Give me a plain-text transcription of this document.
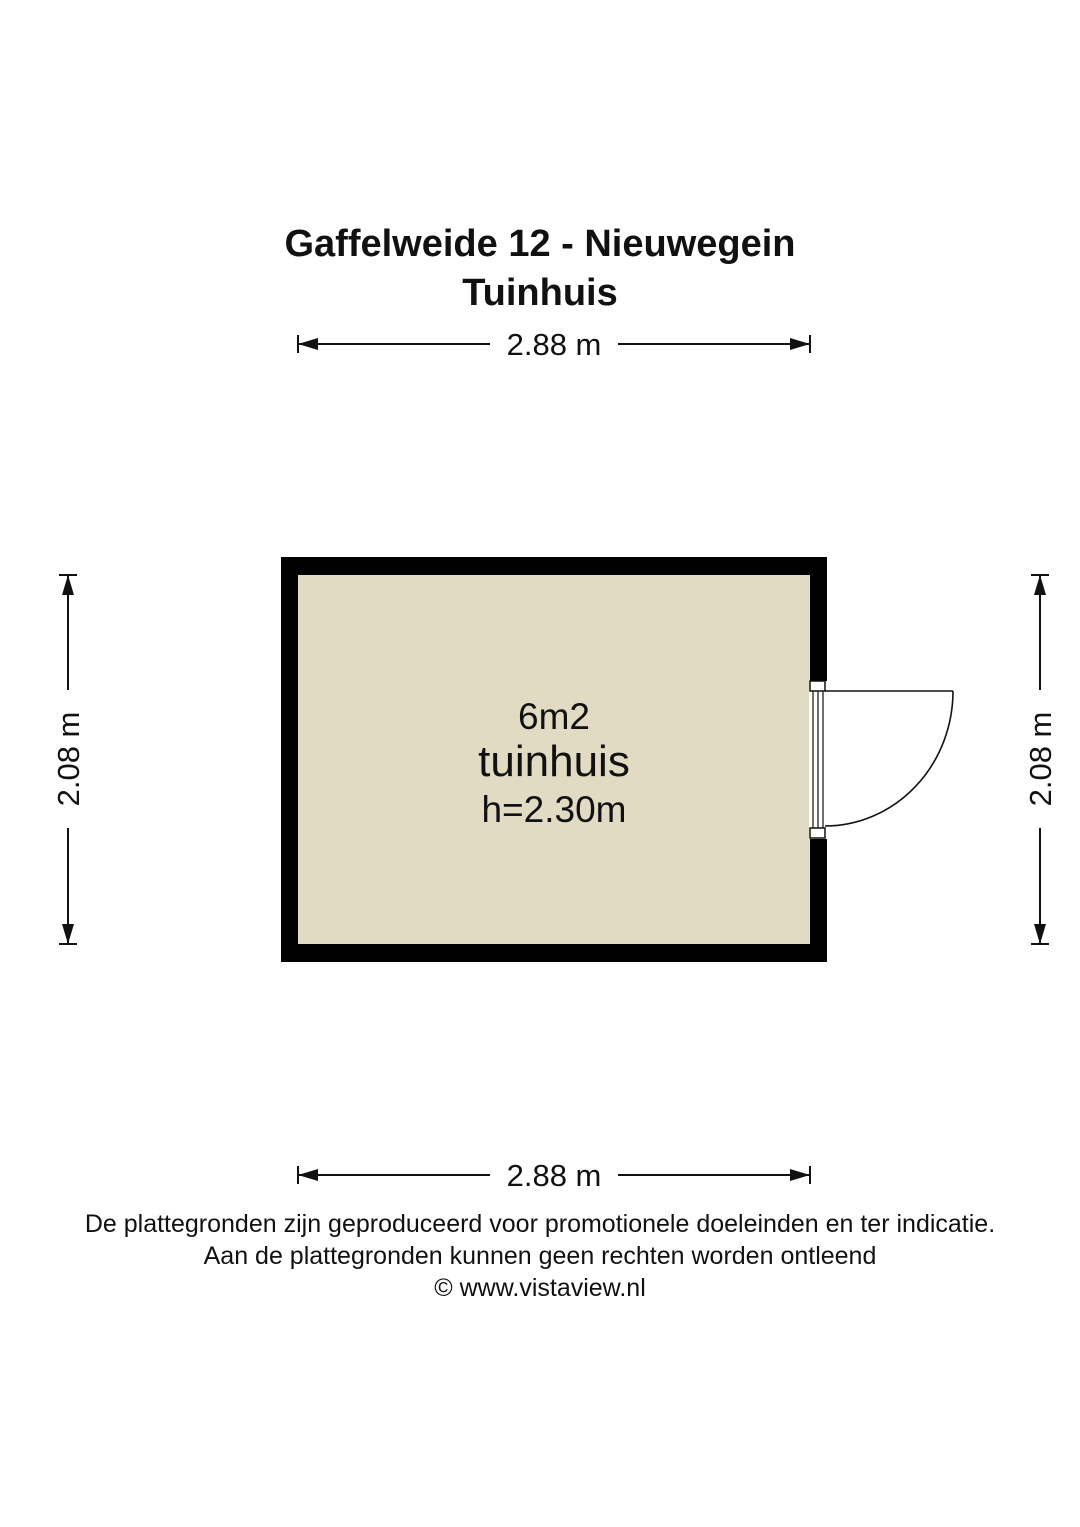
Gaffelweide 12 - Nieuwegein
Tuinhuis
2.88 m
2.88 m
2.08 m	2.08 m
6m2
tuinhuis
h=2.30m
De plattegronden zijn geproduceerd voor promotionele doeleinden en ter indicatie.
Aan de plattegronden kunnen geen rechten worden ontleend
© www.vistaview.nl
